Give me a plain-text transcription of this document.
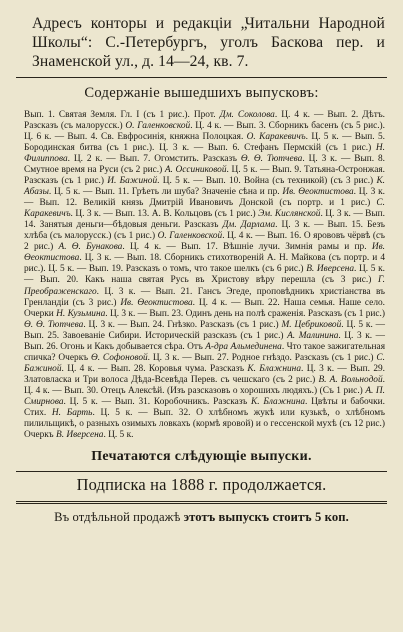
Адресъ конторы и редакціи „Читальни Народной Школы“: С.-Петербургъ, уголъ Баскова пер. и Знаменской ул., д. 14—24, кв. 7.
Содержаніе вышедшихъ выпусковъ:
Вып. 1. Святая Земля. Гл. I (съ 1 рис.). Прот. Дм. Соколова. Ц. 4 к. — Вып. 2. Дѣтъ. Разсказъ (съ малорусск.) О. Галенковской. Ц. 4 к. — Вып. 3. Сборникъ басенъ (съ 5 рис.). Ц. 6 к. — Вып. 4. Св. Евфросинія, княжна Полоцкая. О. Каракевичъ. Ц. 5 к. — Вып. 5. Бородинская битва (съ 1 рис.). Ц. 3 к. — Вып. 6. Стефанъ Пермскій (съ 1 рис.) Н. Филиппова. Ц. 2 к. — Вып. 7. Огомстить. Разсказъ Ѳ. Ѳ. Тютчева. Ц. 3 к. — Вып. 8. Смутное время на Руси (съ 2 рис.) А. Оссиниковой. Ц. 5 к. — Вып. 9. Татьяна-Остронжая. Разсказъ (съ 1 рис.) И. Бажиной. Ц. 5 к. — Вып. 10. Война (съ техникой) (съ 3 рис.) К. Абазы. Ц. 5 к. — Вып. 11. Грѣеть ли шуба? Значеніе сѣна и пр. Ив. Ѳеоктистова. Ц. 3 к. — Вып. 12. Великій князь Дмитрій Ивановичъ Донской (съ портр. и 1 рис.) С. Каракевичъ. Ц. 3 к. — Вып. 13. А. В. Кольцовъ (съ 1 рис.) Эм. Кислянской. Ц. 3 к. — Вып. 14. Занятыя деньги—бѣдовыя деньги. Разсказъ Дм. Дарлама. Ц. 3 к. — Вып. 15. Безъ хлѣба (съ малорусск.) (съ 1 рис.) О. Галенковской. Ц. 4 к. — Вып. 16. О ярововъ чёрвѣ (съ 2 рис.) А. Ѳ. Бунакова. Ц. 4 к. — Вып. 17. Вѣшніе лучи. Зимнія рамы и пр. Ив. Ѳеоктистова. Ц. 3 к. — Вып. 18. Сборникъ стихотвореній А. Н. Майкова (съ портр. и 4 рис.). Ц. 5 к. — Вып. 19. Разсказъ о томъ, что такое шелкъ (съ 6 рис.) В. Иверсена. Ц. 5 к. — Вып. 20. Какъ наша святая Русь въ Христову вѣру перешла (съ 3 рис.) Г. Преображенскаго. Ц. 3 к. — Вып. 21. Гансъ Эгеде, проповѣдникъ христіанства въ Гренландіи (съ 3 рис.) Ив. Ѳеоктистова. Ц. 4 к. — Вып. 22. Наша семья. Наше село. Очерки Н. Кузьмина. Ц. 3 к. — Вып. 23. Одинъ день на полѣ сраженія. Разсказъ (съ 1 рис.) Ѳ. Ѳ. Тютчева. Ц. 3 к. — Вып. 24. Гнѣзко. Разсказъ (съ 1 рис.) М. Цебриковой. Ц. 5 к. — Вып. 25. Завоеваніе Сибири. Историческій разсказъ (съ 1 рис.) А. Малинина. Ц. 3 к. — Вып. 26. Огонь и Какъ добывается сѣра. Отъ А-дра Альмединена. Что такое зажигательная спичка? Очеркъ Ѳ. Софоновой. Ц. 3 к. — Вып. 27. Родное гнѣздо. Разсказъ (съ 1 рис.) С. Бажиной. Ц. 4 к. — Вып. 28. Коровья чума. Разсказъ К. Блажнина. Ц. 3 к. — Вып. 29. Златовласка и Три волоса Дѣда-Всевѣда Перев. съ чешскаго (съ 2 рис.) В. А. Вольнодой. Ц. 4 к. — Вып. 30. Отецъ Алексѣй. (Изъ разсказовъ о хорошихъ людяхъ.) (Съ 1 рис.) А. П. Смирнова. Ц. 5 к. — Вып. 31. Коробочникъ. Разсказъ К. Блажнина. Цвѣты и бабочки. Стих. Н. Барть. Ц. 5 к. — Вып. 32. О хлѣбномъ жукѣ или кузькѣ, о хлѣбномъ пилильщикѣ, о разныхъ озимыхъ ловкахъ (кормѣ яровой) и о гессенской мухѣ (съ 12 рис.) Очеркъ В. Иверсена. Ц. 5 к.
Печатаются слѣдующіе выпуски.
Подписка на 1888 г. продолжается.
Въ отдѣльной продажѣ этотъ выпускъ стоитъ 5 коп.
